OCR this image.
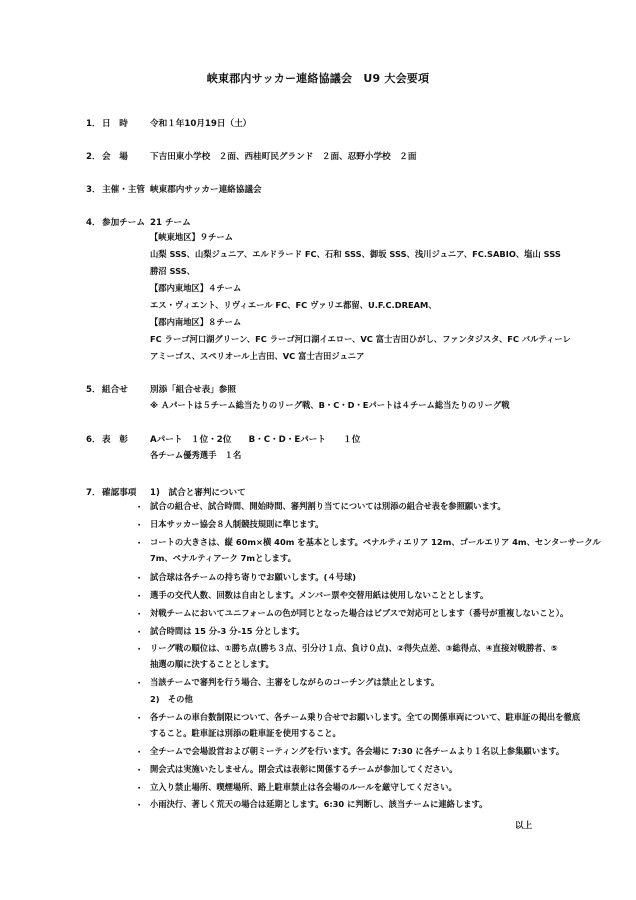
峡東郡内サッカー連絡協議会　U9 大会要項
1． 日　時	令和１年10月19日（土）
2． 会　場	下吉田東小学校　２面、西桂町民グランド　２面、忍野小学校　２面
3． 主催・主管 峡東郡内サッカー連絡協議会
4． 参加チーム 21 チーム
【峡東地区】９チーム
山梨 SSS、山梨ジュニア、エルドラード FC、石和 SSS、御坂 SSS、浅川ジュニア、FC.SABIO、塩山 SSS
勝沼 SSS、
【郡内東地区】４チーム
エス・ヴィエント、リヴィエール FC、FC ヴァリエ都留、U.F.C.DREAM、
【郡内南地区】８チーム
FC ラーゴ河口湖グリーン、FC ラーゴ河口湖イエロー、VC 富士吉田ひがし、ファンタジスタ、FC バルティーレ
アミーゴス、スペリオール上吉田、VC 富士吉田ジュニア
5． 組合せ	別添「組合せ表」参照
※ Ａパートは５チーム総当たりのリーグ戦、B・C・D・Eパートは４チーム総当たりのリーグ戦
6． 表　彰	Aパート　１位・2位　　B・C・D・Eパート　　１位
各チーム優秀選手　１名
7． 確認事項 1)　試合と審判について
・ 試合の組合せ、試合時間、開始時間、審判割り当てについては別添の組合せ表を参照願います。
・ 日本サッカー協会８人制競技規則に準じます。
・ コートの大きさは、縦 60m×横 40m を基本とします。ペナルティエリア 12m、ゴールエリア 4m、センターサークル
7m、ペナルティアーク 7mとします。
・ 試合球は各チームの持ち寄りでお願いします。(４号球)
・ 選手の交代人数、回数は自由とします。メンバー票や交替用紙は使用しないこととします。
・ 対戦チームにおいてユニフォームの色が同じとなった場合はビブスで対応可とします（番号が重複しないこと）。
・ 試合時間は 15 分-3 分-15 分とします。
・ リーグ戦の順位は、①勝ち点(勝ち３点、引分け１点、負け０点)、②得失点差、③総得点、④直接対戦勝者、⑤
抽選の順に決することとします。
・ 当該チームで審判を行う場合、主審をしながらのコーチングは禁止とします。
2)　その他
・ 各チームの車台数制限について、各チーム乗り合せでお願いします。全ての関係車両について、駐車証の掲出を徹底
すること。駐車証は別添の駐車証を使用すること。
・ 全チームで会場設営および朝ミーティングを行います。各会場に 7:30 に各チームより１名以上参集願います。
・ 開会式は実施いたしません。閉会式は表彰に関係するチームが参加してください。
・ 立入り禁止場所、喫煙場所、路上駐車禁止は各会場のルールを厳守してください。
・ 小雨決行、著しく荒天の場合は延期とします。6:30 に判断し、該当チームに連絡します。
以上
